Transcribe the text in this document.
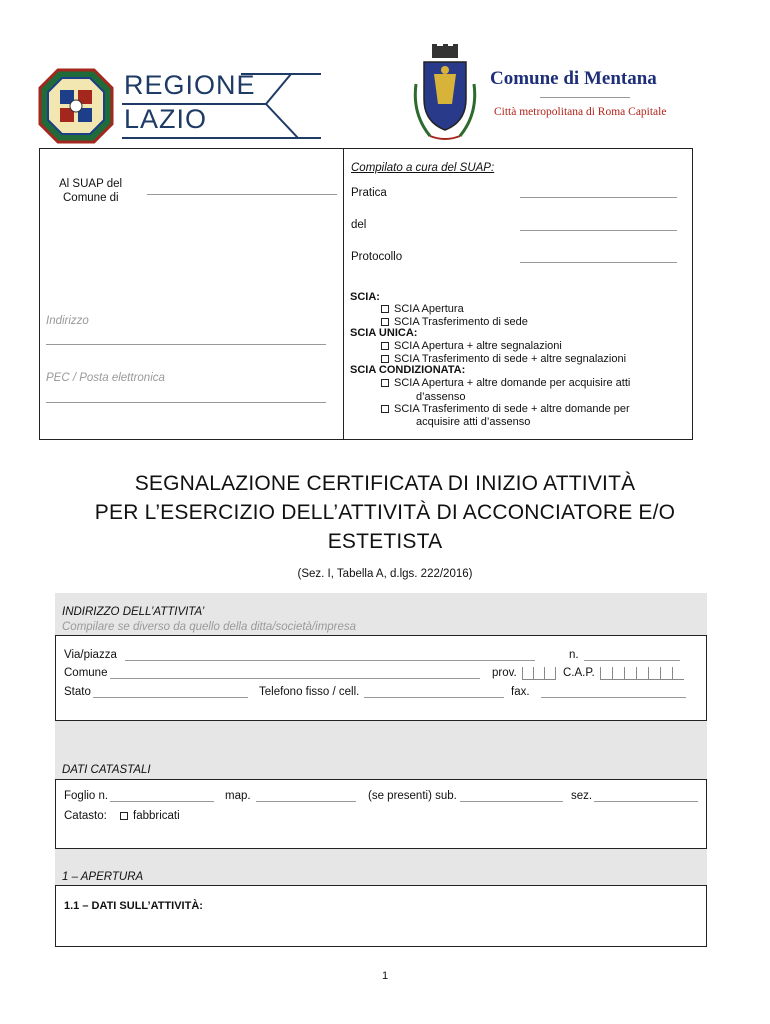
REGIONE
LAZIO
Comune di Mentana
Città metropolitana di Roma Capitale
Al SUAP del
Comune di
Indirizzo
PEC / Posta elettronica
Compilato a cura del SUAP:
Pratica
del
Protocollo
SCIA:
SCIA Apertura
SCIA Trasferimento di sede
SCIA UNICA:
SCIA Apertura + altre segnalazioni
SCIA Trasferimento di sede + altre segnalazioni
SCIA CONDIZIONATA:
SCIA Apertura + altre domande per acquisire atti
d’assenso
SCIA Trasferimento di sede + altre domande per
acquisire atti d’assenso
SEGNALAZIONE CERTIFICATA DI INIZIO ATTIVITÀ
PER L’ESERCIZIO DELL’ATTIVITÀ DI ACCONCIATORE E/O
ESTETISTA
(Sez. I, Tabella A, d.lgs. 222/2016)
INDIRIZZO DELL’ATTIVITA’
Compilare se diverso da quello della ditta/società/impresa
Via/piazza	n.
Comune	prov.	C.A.P.
Stato	Telefono fisso / cell.	fax.
DATI CATASTALI
Foglio n.	map.	(se presenti) sub.	sez.
Catasto:	fabbricati
1 – APERTURA
1.1 – DATI SULL’ATTIVITÀ:
1
